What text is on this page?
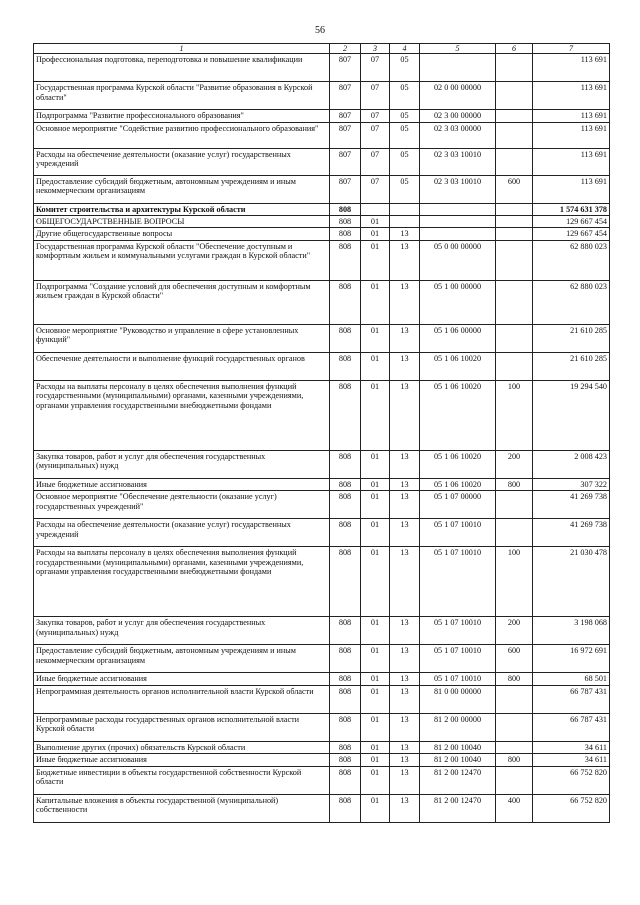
56
1	2	3	4	5	6	7
Профессиональная подготовка, переподготовка и повышение квалификации	807	07	05			113 691
Государственная программа Курской области "Развитие образования в Курской области"	807	07	05	02 0 00 00000		113 691
Подпрограмма "Развитие профессионального образования"	807	07	05	02 3 00 00000		113 691
Основное мероприятие "Содействие развитию профессионального образования"	807	07	05	02 3 03 00000		113 691
Расходы на обеспечение деятельности (оказание услуг) государственных учреждений	807	07	05	02 3 03 10010		113 691
Предоставление субсидий бюджетным, автономным учреждениям и иным некоммерческим организациям	807	07	05	02 3 03 10010	600	113 691
Комитет строительства и архитектуры Курской области	808					1 574 631 378
ОБЩЕГОСУДАРСТВЕННЫЕ ВОПРОСЫ	808	01				129 667 454
Другие общегосударственные вопросы	808	01	13			129 667 454
Государственная программа Курской области "Обеспечение доступным и комфортным жильем и коммунальными услугами граждан в Курской области"	808	01	13	05 0 00 00000		62 880 023
Подпрограмма "Создание условий для обеспечения доступным и комфортным жильем граждан в Курской области"	808	01	13	05 1 00 00000		62 880 023
Основное мероприятие "Руководство и управление в сфере установленных функций"	808	01	13	05 1 06 00000		21 610 285
Обеспечение деятельности и выполнение функций государственных органов	808	01	13	05 1 06 10020		21 610 285
Расходы на выплаты персоналу в целях обеспечения выполнения функций государственными (муниципальными) органами, казенными учреждениями, органами управления государственными внебюджетными фондами	808	01	13	05 1 06 10020	100	19 294 540
Закупка товаров, работ и услуг для обеспечения государственных (муниципальных) нужд	808	01	13	05 1 06 10020	200	2 008 423
Иные бюджетные ассигнования	808	01	13	05 1 06 10020	800	307 322
Основное мероприятие "Обеспечение деятельности (оказание услуг) государственных учреждений"	808	01	13	05 1 07 00000		41 269 738
Расходы на обеспечение деятельности (оказание услуг) государственных учреждений	808	01	13	05 1 07 10010		41 269 738
Расходы на выплаты персоналу в целях обеспечения выполнения функций государственными (муниципальными) органами, казенными учреждениями, органами управления государственными внебюджетными фондами	808	01	13	05 1 07 10010	100	21 030 478
Закупка товаров, работ и услуг для обеспечения государственных (муниципальных) нужд	808	01	13	05 1 07 10010	200	3 198 068
Предоставление субсидий бюджетным, автономным учреждениям и иным некоммерческим организациям	808	01	13	05 1 07 10010	600	16 972 691
Иные бюджетные ассигнования	808	01	13	05 1 07 10010	800	68 501
Непрограммная деятельность органов исполнительной власти Курской области	808	01	13	81 0 00 00000		66 787 431
Непрограммные расходы государственных органов исполнительной власти Курской области	808	01	13	81 2 00 00000		66 787 431
Выполнение других (прочих) обязательств Курской области	808	01	13	81 2 00 10040		34 611
Иные бюджетные ассигнования	808	01	13	81 2 00 10040	800	34 611
Бюджетные инвестиции в объекты государственной собственности Курской области	808	01	13	81 2 00 12470		66 752 820
Капитальные вложения в объекты государственной (муниципальной) собственности	808	01	13	81 2 00 12470	400	66 752 820
